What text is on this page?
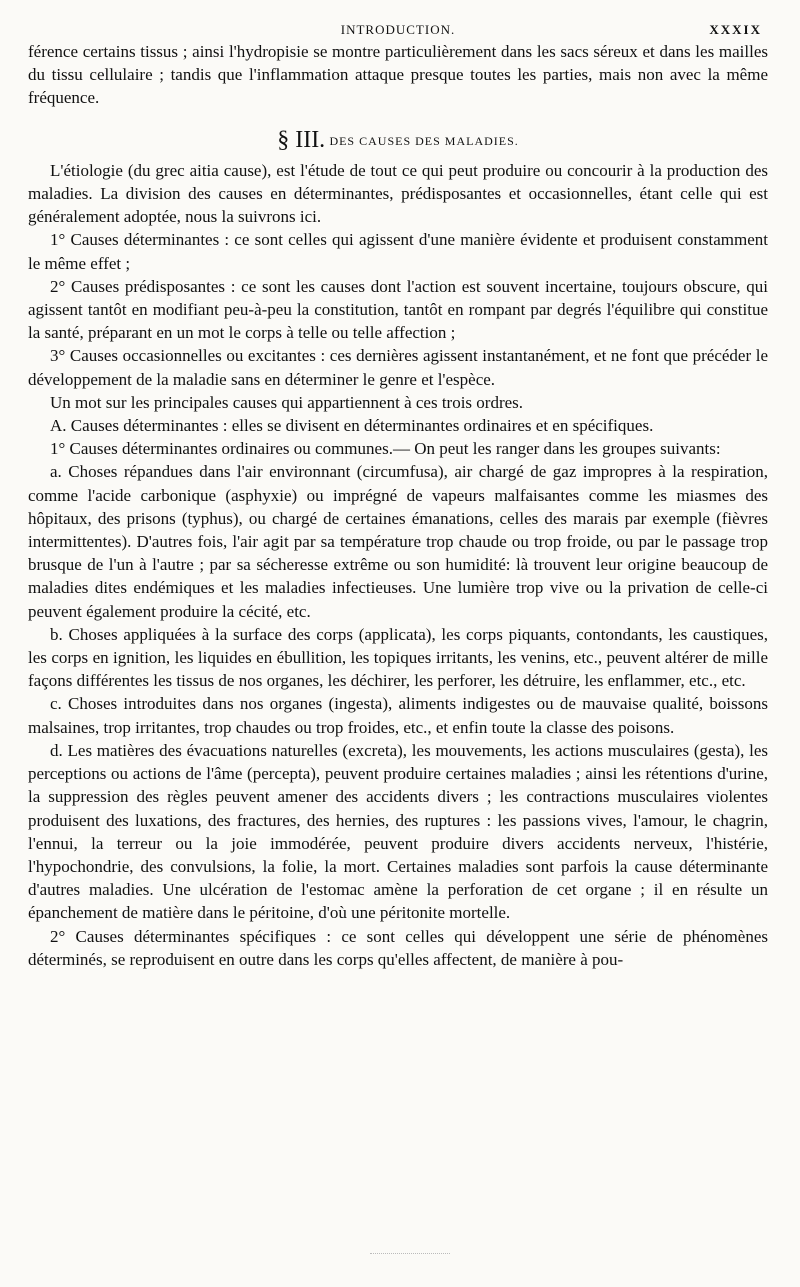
INTRODUCTION.	XXXIX

férence certains tissus ; ainsi l'hydropisie se montre particulièrement dans les sacs séreux et dans les mailles du tissu cellulaire ; tandis que l'inflammation attaque presque toutes les parties, mais non avec la même fréquence.

§ III. DES CAUSES DES MALADIES.

L'étiologie (du grec aitia cause), est l'étude de tout ce qui peut produire ou concourir à la production des maladies. La division des causes en déterminantes, prédisposantes et occasionnelles, étant celle qui est généralement adoptée, nous la suivrons ici.

1° Causes déterminantes : ce sont celles qui agissent d'une manière évidente et produisent constamment le même effet ;

2° Causes prédisposantes : ce sont les causes dont l'action est souvent incertaine, toujours obscure, qui agissent tantôt en modifiant peu-à-peu la constitution, tantôt en rompant par degrés l'équilibre qui constitue la santé, préparant en un mot le corps à telle ou telle affection ;

3° Causes occasionnelles ou excitantes : ces dernières agissent instantanément, et ne font que précéder le développement de la maladie sans en déterminer le genre et l'espèce.

Un mot sur les principales causes qui appartiennent à ces trois ordres.

A. Causes déterminantes : elles se divisent en déterminantes ordinaires et en spécifiques.

1° Causes déterminantes ordinaires ou communes.— On peut les ranger dans les groupes suivants:

a. Choses répandues dans l'air environnant (circumfusa), air chargé de gaz impropres à la respiration, comme l'acide carbonique (asphyxie) ou imprégné de vapeurs malfaisantes comme les miasmes des hôpitaux, des prisons (typhus), ou chargé de certaines émanations, celles des marais par exemple (fièvres intermittentes). D'autres fois, l'air agit par sa température trop chaude ou trop froide, ou par le passage trop brusque de l'un à l'autre ; par sa sécheresse extrême ou son humidité: là trouvent leur origine beaucoup de maladies dites endémiques et les maladies infectieuses. Une lumière trop vive ou la privation de celle-ci peuvent également produire la cécité, etc.

b. Choses appliquées à la surface des corps (applicata), les corps piquants, contondants, les caustiques, les corps en ignition, les liquides en ébullition, les topiques irritants, les venins, etc., peuvent altérer de mille façons différentes les tissus de nos organes, les déchirer, les perforer, les détruire, les enflammer, etc., etc.

c. Choses introduites dans nos organes (ingesta), aliments indigestes ou de mauvaise qualité, boissons malsaines, trop irritantes, trop chaudes ou trop froides, etc., et enfin toute la classe des poisons.

d. Les matières des évacuations naturelles (excreta), les mouvements, les actions musculaires (gesta), les perceptions ou actions de l'âme (percepta), peuvent produire certaines maladies ; ainsi les rétentions d'urine, la suppression des règles peuvent amener des accidents divers ; les contractions musculaires violentes produisent des luxations, des fractures, des hernies, des ruptures : les passions vives, l'amour, le chagrin, l'ennui, la terreur ou la joie immodérée, peuvent produire divers accidents nerveux, l'histérie, l'hypochondrie, des convulsions, la folie, la mort. Certaines maladies sont parfois la cause déterminante d'autres maladies. Une ulcération de l'estomac amène la perforation de cet organe ; il en résulte un épanchement de matière dans le péritoine, d'où une péritonite mortelle.

2° Causes déterminantes spécifiques : ce sont celles qui développent une série de phénomènes déterminés, se reproduisent en outre dans les corps qu'elles affectent, de manière à pou-
